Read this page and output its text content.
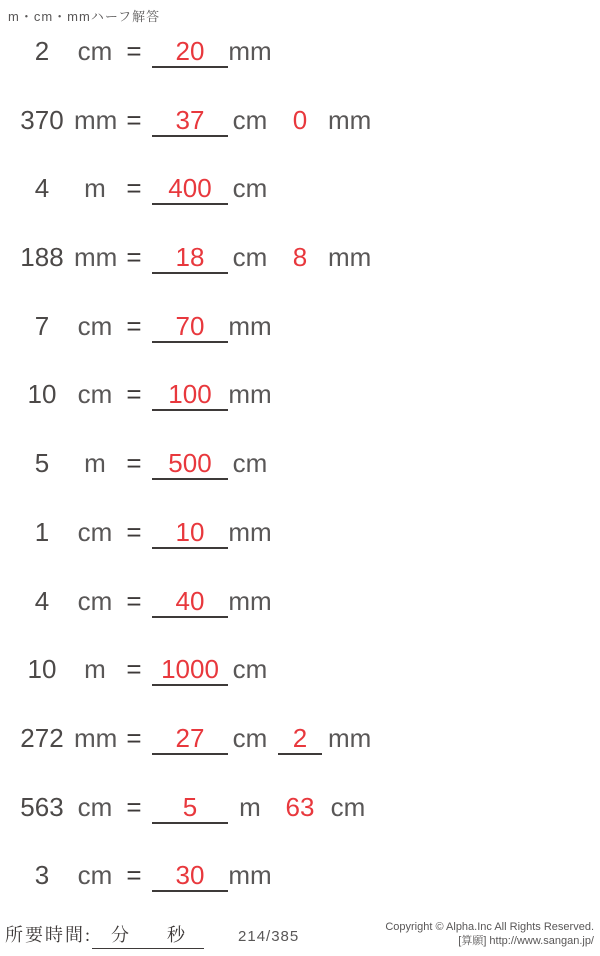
m・cm・mmハーフ解答
2	cm =	20 mm
370 mm =	37	cm 0 mm
4	m =	400 cm
188 mm =	18	cm 8 mm
7	cm =	70 mm
10 cm =	100 mm
5	m =	500 cm
1	cm =	10 mm
4	cm =	40 mm
10	m = 1000 cm
272 mm =	27	cm 2 mm
563 cm =	5	m 63 cm
3	cm =	30 mm
所要時間: 分 秒	214/385
Copyright © Alpha.Inc All Rights Reserved.
[算願] http://www.sangan.jp/
